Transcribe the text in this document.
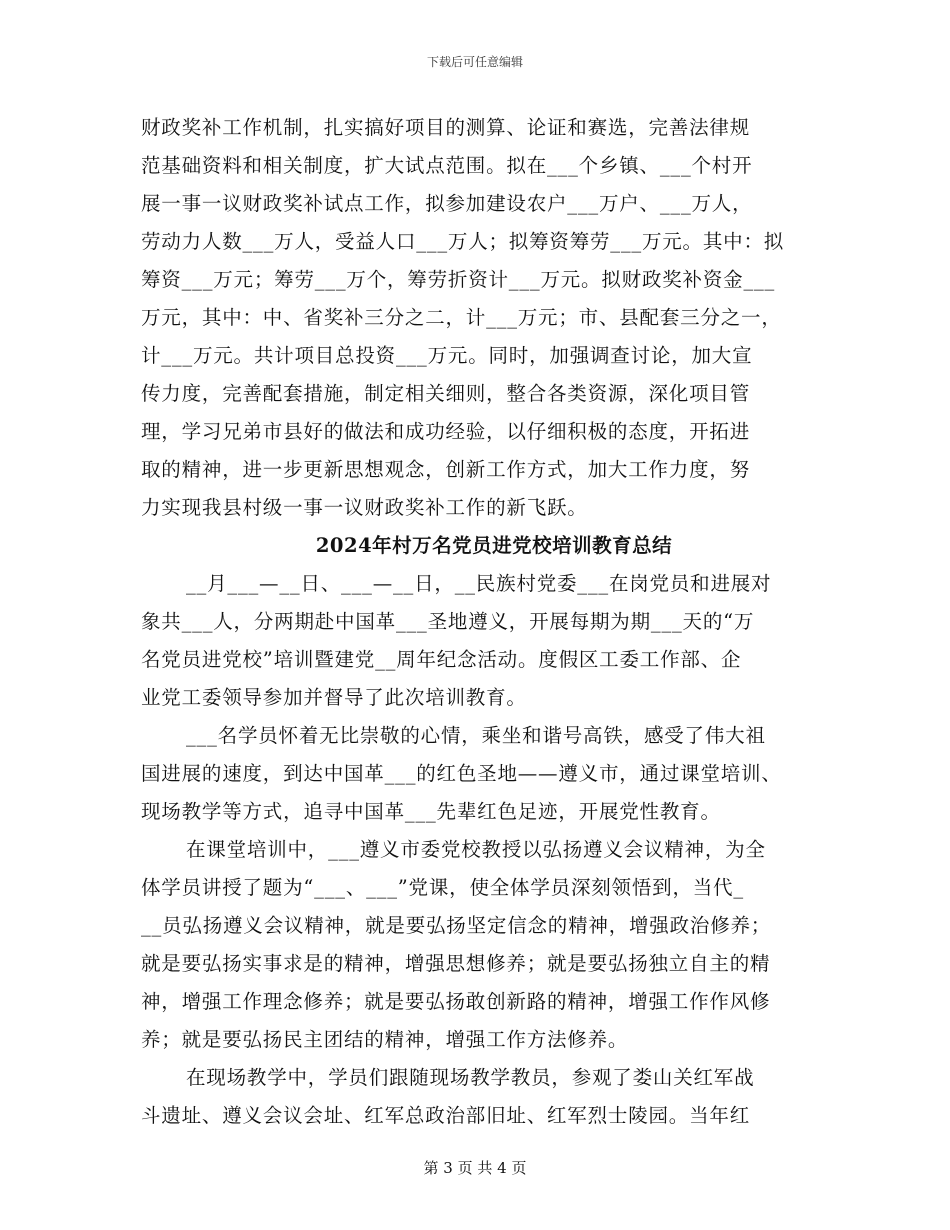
下载后可任意编辑
财政奖补工作机制，扎实搞好项目的测算、论证和赛选，完善法律规
范基础资料和相关制度，扩大试点范围。拟在___个乡镇、___个村开
展一事一议财政奖补试点工作，拟参加建设农户___万户、___万人，
劳动力人数___万人，受益人口___万人；拟筹资筹劳___万元。其中：拟
筹资___万元；筹劳___万个，筹劳折资计___万元。拟财政奖补资金___
万元，其中：中、省奖补三分之二，计___万元；市、县配套三分之一，
计___万元。共计项目总投资___万元。同时，加强调查讨论，加大宣
传力度，完善配套措施，制定相关细则，整合各类资源，深化项目管
理，学习兄弟市县好的做法和成功经验，以仔细积极的态度，开拓进
取的精神，进一步更新思想观念，创新工作方式，加大工作力度，努
力实现我县村级一事一议财政奖补工作的新飞跃。
2024年村万名党员进党校培训教育总结
__月___—__日、___—__日，__民族村党委___在岗党员和进展对
象共___人，分两期赴中国革___圣地遵义，开展每期为期___天的“万
名党员进党校”培训暨建党__周年纪念活动。度假区工委工作部、企
业党工委领导参加并督导了此次培训教育。
___名学员怀着无比崇敬的心情，乘坐和谐号高铁，感受了伟大祖
国进展的速度，到达中国革___的红色圣地——遵义市，通过课堂培训、
现场教学等方式，追寻中国革___先辈红色足迹，开展党性教育。
在课堂培训中，___遵义市委党校教授以弘扬遵义会议精神，为全
体学员讲授了题为“___、___”党课，使全体学员深刻领悟到，当代_
__员弘扬遵义会议精神，就是要弘扬坚定信念的精神，增强政治修养；
就是要弘扬实事求是的精神，增强思想修养；就是要弘扬独立自主的精
神，增强工作理念修养；就是要弘扬敢创新路的精神，增强工作作风修
养；就是要弘扬民主团结的精神，增强工作方法修养。
在现场教学中，学员们跟随现场教学教员，参观了娄山关红军战
斗遗址、遵义会议会址、红军总政治部旧址、红军烈士陵园。当年红
第 3 页 共 4 页
